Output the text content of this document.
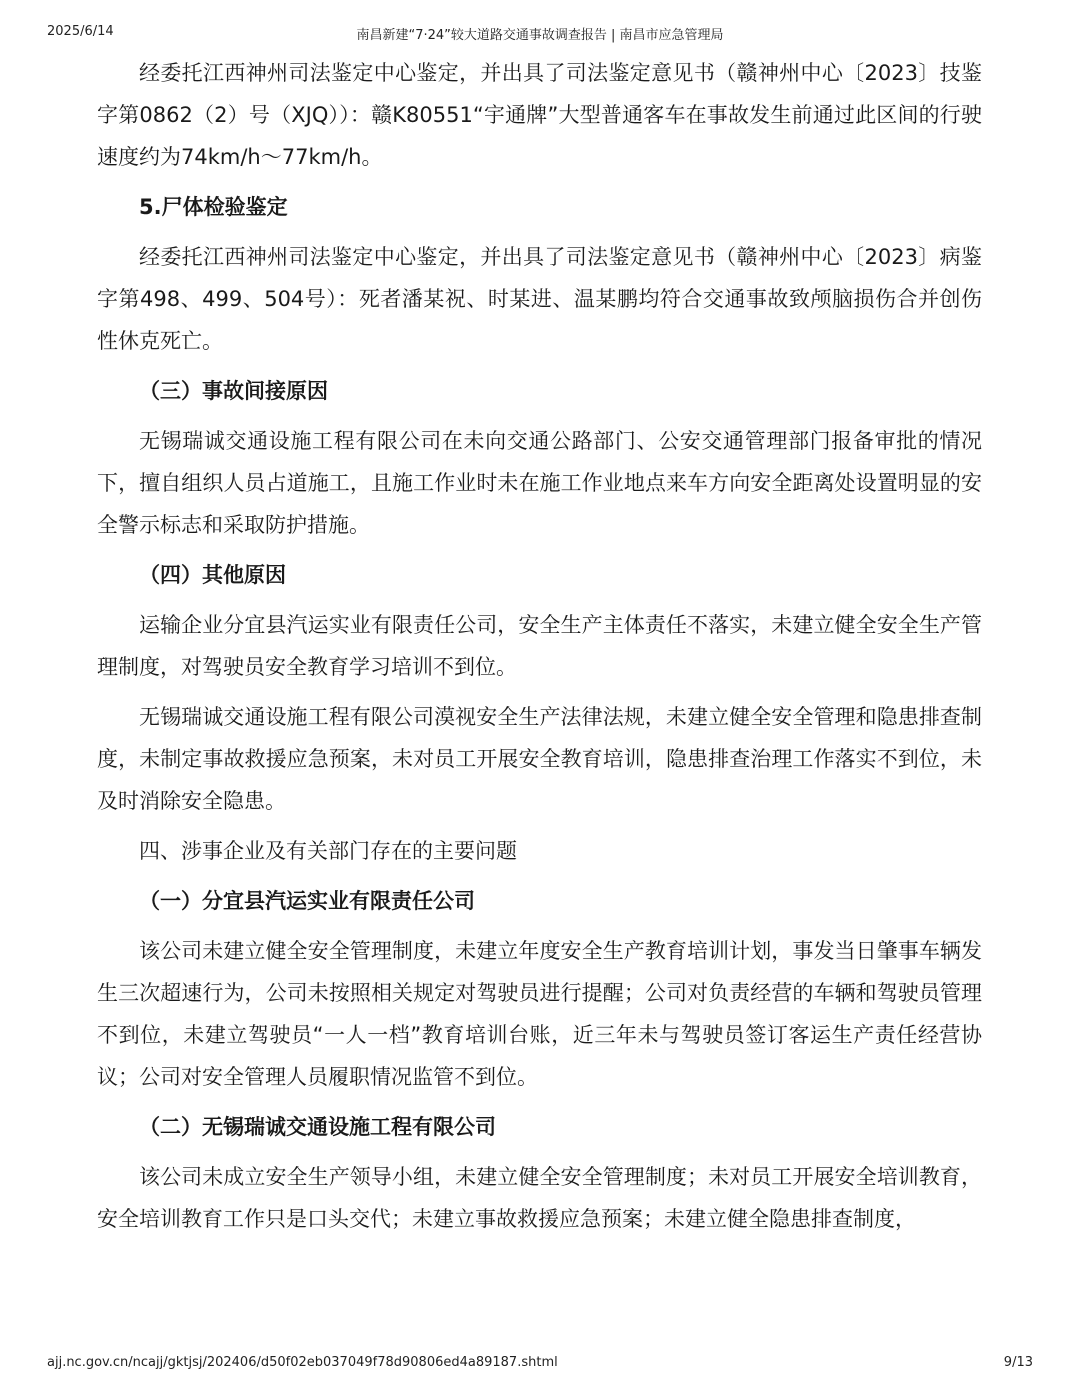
2025/6/14	南昌新建“7·24”较大道路交通事故调查报告 | 南昌市应急管理局

经委托江西神州司法鉴定中心鉴定，并出具了司法鉴定意见书（赣神州中心〔2023〕技鉴字第0862（2）号（XJQ））：赣K80551“宇通牌”大型普通客车在事故发生前通过此区间的行驶速度约为74km/h～77km/h。

5.尸体检验鉴定

经委托江西神州司法鉴定中心鉴定，并出具了司法鉴定意见书（赣神州中心〔2023〕病鉴字第498、499、504号）：死者潘某祝、时某进、温某鹏均符合交通事故致颅脑损伤合并创伤性休克死亡。

（三）事故间接原因

无锡瑞诚交通设施工程有限公司在未向交通公路部门、公安交通管理部门报备审批的情况下，擅自组织人员占道施工，且施工作业时未在施工作业地点来车方向安全距离处设置明显的安全警示标志和采取防护措施。

（四）其他原因

运输企业分宜县汽运实业有限责任公司，安全生产主体责任不落实，未建立健全安全生产管理制度，对驾驶员安全教育学习培训不到位。

无锡瑞诚交通设施工程有限公司漠视安全生产法律法规，未建立健全安全管理和隐患排查制度，未制定事故救援应急预案，未对员工开展安全教育培训，隐患排查治理工作落实不到位，未及时消除安全隐患。

四、涉事企业及有关部门存在的主要问题
（一）分宜县汽运实业有限责任公司

该公司未建立健全安全管理制度，未建立年度安全生产教育培训计划，事发当日肇事车辆发生三次超速行为，公司未按照相关规定对驾驶员进行提醒；公司对负责经营的车辆和驾驶员管理不到位，未建立驾驶员“一人一档”教育培训台账，近三年未与驾驶员签订客运生产责任经营协议；公司对安全管理人员履职情况监管不到位。

（二）无锡瑞诚交通设施工程有限公司

该公司未成立安全生产领导小组，未建立健全安全管理制度；未对员工开展安全培训教育，安全培训教育工作只是口头交代；未建立事故救援应急预案；未建立健全隐患排查制度，

ajj.nc.gov.cn/ncajj/gktjsj/202406/d50f02eb037049f78d90806ed4a89187.shtml	9/13
